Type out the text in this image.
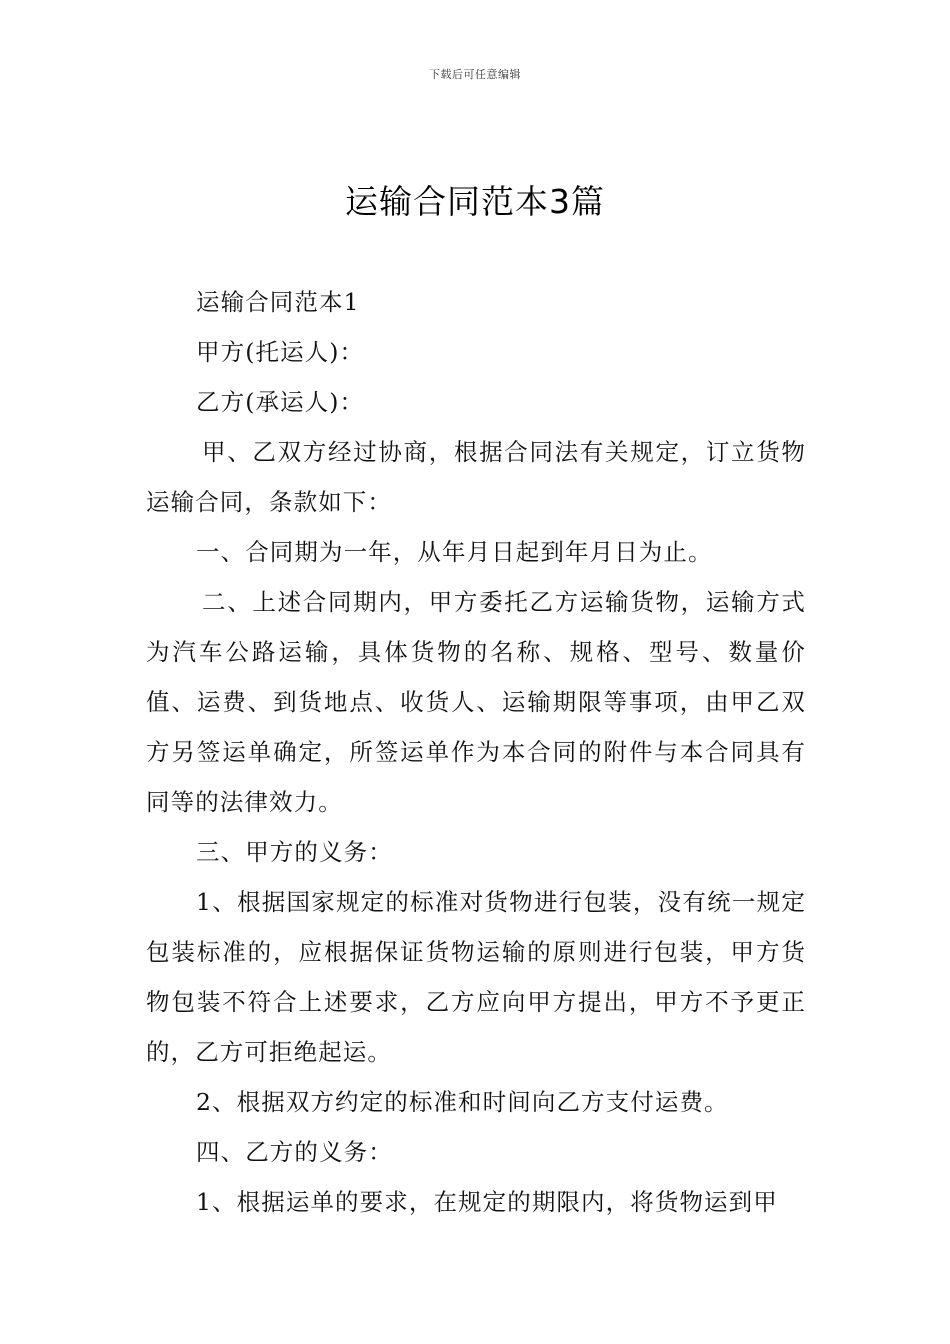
下载后可任意编辑
运输合同范本3篇

运输合同范本1

甲方(托运人)：

乙方(承运人)：

甲、乙双方经过协商，根据合同法有关规定，订立货物运输合同，条款如下：

一、合同期为一年，从年月日起到年月日为止。

二、上述合同期内，甲方委托乙方运输货物，运输方式为汽车公路运输，具体货物的名称、规格、型号、数量价值、运费、到货地点、收货人、运输期限等事项，由甲乙双方另签运单确定，所签运单作为本合同的附件与本合同具有同等的法律效力。

三、甲方的义务：

1、根据国家规定的标准对货物进行包装，没有统一规定包装标准的，应根据保证货物运输的原则进行包装，甲方货物包装不符合上述要求，乙方应向甲方提出，甲方不予更正的，乙方可拒绝起运。

2、根据双方约定的标准和时间向乙方支付运费。

四、乙方的义务：

1、根据运单的要求，在规定的期限内，将货物运到甲
